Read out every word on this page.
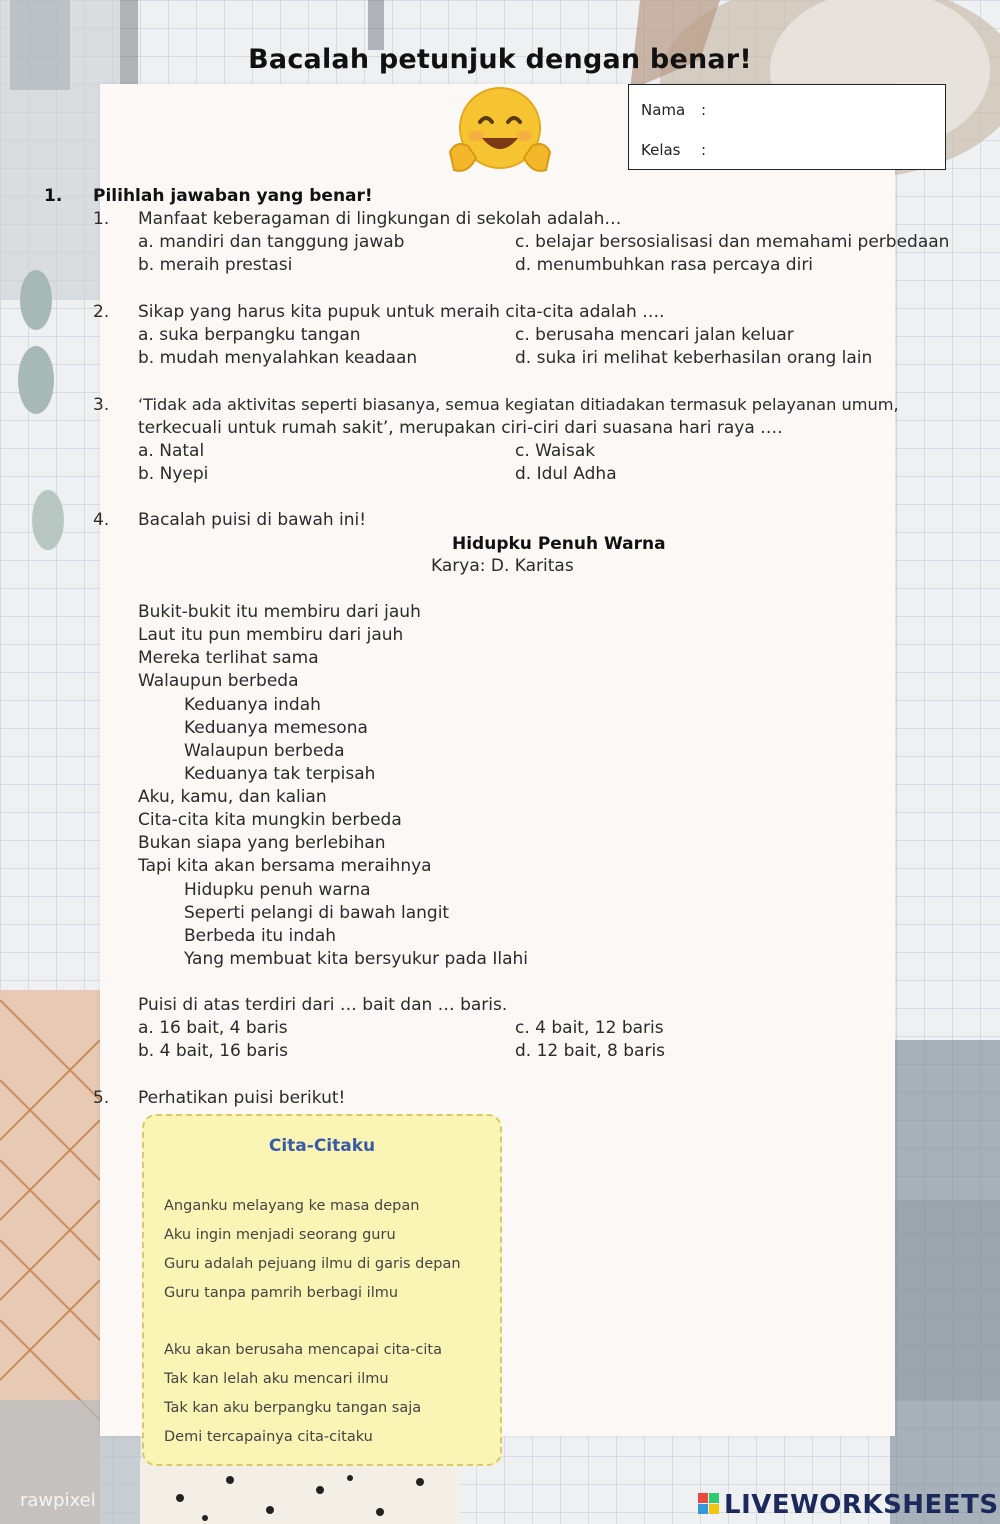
Bacalah petunjuk dengan benar!
Nama :
Kelas :
1. Pilihlah jawaban yang benar!
1. Manfaat keberagaman di lingkungan di sekolah adalah…
a. mandiri dan tanggung jawab	c. belajar bersosialisasi dan memahami perbedaan
b. meraih prestasi	d. menumbuhkan rasa percaya diri
2. Sikap yang harus kita pupuk untuk meraih cita-cita adalah ….
a. suka berpangku tangan	c. berusaha mencari jalan keluar
b. mudah menyalahkan keadaan	d. suka iri melihat keberhasilan orang lain
3. ‘Tidak ada aktivitas seperti biasanya, semua kegiatan ditiadakan termasuk pelayanan umum,
terkecuali untuk rumah sakit’, merupakan ciri-ciri dari suasana hari raya ….
a. Natal	c. Waisak
b. Nyepi	d. Idul Adha
4. Bacalah puisi di bawah ini!
Hidupku Penuh Warna
Karya: D. Karitas
Bukit-bukit itu membiru dari jauh
Laut itu pun membiru dari jauh
Mereka terlihat sama
Walaupun berbeda
Keduanya indah
Keduanya memesona
Walaupun berbeda
Keduanya tak terpisah
Aku, kamu, dan kalian
Cita-cita kita mungkin berbeda
Bukan siapa yang berlebihan
Tapi kita akan bersama meraihnya
Hidupku penuh warna
Seperti pelangi di bawah langit
Berbeda itu indah
Yang membuat kita bersyukur pada Ilahi
Puisi di atas terdiri dari … bait dan … baris.
a. 16 bait, 4 baris	c. 4 bait, 12 baris
b. 4 bait, 16 baris	d. 12 bait, 8 baris
5. Perhatikan puisi berikut!
Cita-Citaku
Anganku melayang ke masa depan
Aku ingin menjadi seorang guru
Guru adalah pejuang ilmu di garis depan
Guru tanpa pamrih berbagi ilmu
Aku akan berusaha mencapai cita-cita
Tak kan lelah aku mencari ilmu
Tak kan aku berpangku tangan saja
Demi tercapainya cita-citaku
rawpixel	LIVEWORKSHEETS
